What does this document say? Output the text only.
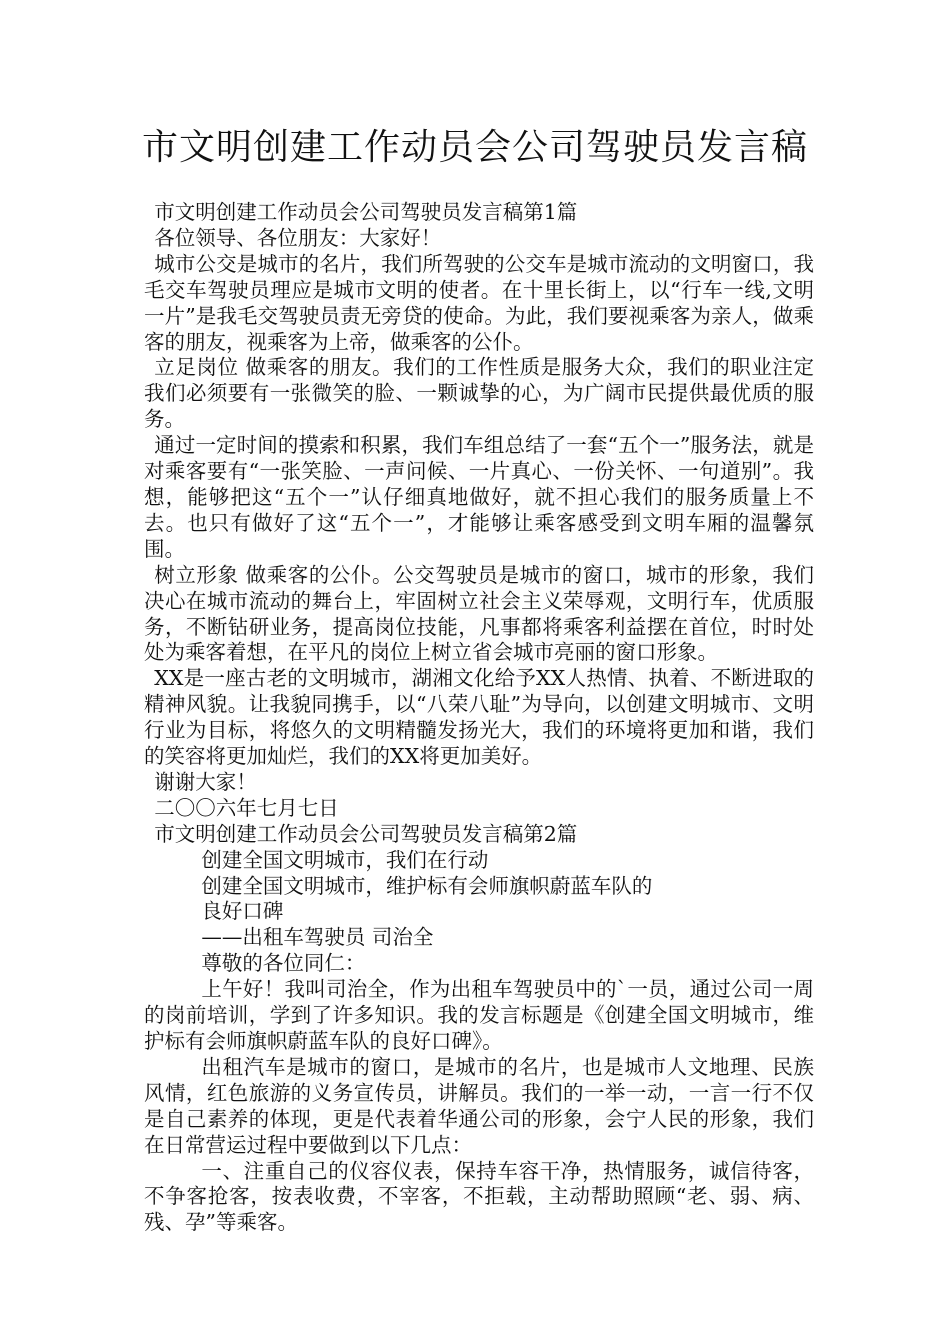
市文明创建工作动员会公司驾驶员发言稿

市文明创建工作动员会公司驾驶员发言稿第1篇

各位领导、各位朋友：大家好！

城市公交是城市的名片，我们所驾驶的公交车是城市流动的文明窗口，我毛交车驾驶员理应是城市文明的使者。在十里长街上，以“行车一线,文明一片”是我毛交驾驶员责无旁贷的使命。为此，我们要视乘客为亲人，做乘客的朋友，视乘客为上帝，做乘客的公仆。

立足岗位 做乘客的朋友。我们的工作性质是服务大众，我们的职业注定我们必须要有一张微笑的脸、一颗诚挚的心，为广阔市民提供最优质的服务。

通过一定时间的摸索和积累，我们车组总结了一套“五个一”服务法，就是对乘客要有“一张笑脸、一声问候、一片真心、一份关怀、一句道别”。我想，能够把这“五个一”认仔细真地做好，就不担心我们的服务质量上不去。也只有做好了这“五个一”，才能够让乘客感受到文明车厢的温馨氛围。

树立形象 做乘客的公仆。公交驾驶员是城市的窗口，城市的形象，我们决心在城市流动的舞台上，牢固树立社会主义荣辱观，文明行车，优质服务，不断钻研业务，提高岗位技能，凡事都将乘客利益摆在首位，时时处处为乘客着想，在平凡的岗位上树立省会城市亮丽的窗口形象。

XX是一座古老的文明城市，湖湘文化给予XX人热情、执着、不断进取的精神风貌。让我貌同携手，以“八荣八耻”为导向，以创建文明城市、文明行业为目标，将悠久的文明精髓发扬光大，我们的环境将更加和谐，我们的笑容将更加灿烂，我们的XX将更加美好。

谢谢大家！

二〇〇六年七月七日

市文明创建工作动员会公司驾驶员发言稿第2篇

创建全国文明城市，我们在行动

创建全国文明城市，维护标有会师旗帜蔚蓝车队的

良好口碑

——出租车驾驶员 司治全

尊敬的各位同仁：

上午好！我叫司治全，作为出租车驾驶员中的`一员，通过公司一周的岗前培训，学到了许多知识。我的发言标题是《创建全国文明城市，维护标有会师旗帜蔚蓝车队的良好口碑》。

出租汽车是城市的窗口，是城市的名片，也是城市人文地理、民族风情，红色旅游的义务宣传员，讲解员。我们的一举一动，一言一行不仅是自己素养的体现，更是代表着华通公司的形象，会宁人民的形象，我们在日常营运过程中要做到以下几点：

一、注重自己的仪容仪表，保持车容干净，热情服务，诚信待客，不争客抢客，按表收费，不宰客，不拒载，主动帮助照顾“老、弱、病、残、孕”等乘客。
